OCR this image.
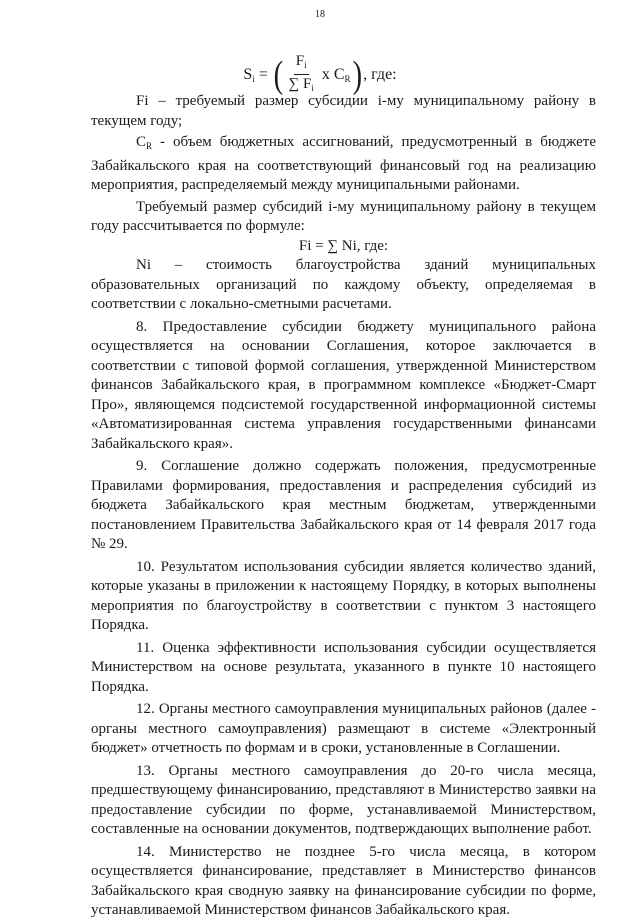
18
$S_i$ = ( $\frac{F_i}{\sum F_i}$ x $C_R$ ) , где:

Fi – требуемый размер субсидии i-му муниципальному району в текущем году;

$C_R$ - объем бюджетных ассигнований, предусмотренный в бюджете Забайкальского края на соответствующий финансовый год на реализацию мероприятия, распределяемый между муниципальными районами.

Требуемый размер субсидий i-му муниципальному району в текущем году рассчитывается по формуле:

Fi = ∑ Ni, где:

Ni – стоимость благоустройства зданий муниципальных образовательных организаций по каждому объекту, определяемая в соответствии с локально-сметными расчетами.

8. Предоставление субсидии бюджету муниципального района осуществляется на основании Соглашения, которое заключается в соответствии с типовой формой соглашения, утвержденной Министерством финансов Забайкальского края, в программном комплексе «Бюджет-Смарт Про», являющемся подсистемой государственной информационной системы «Автоматизированная система управления государственными финансами Забайкальского края».

9. Соглашение должно содержать положения, предусмотренные Правилами формирования, предоставления и распределения субсидий из бюджета Забайкальского края местным бюджетам, утвержденными постановлением Правительства Забайкальского края от 14 февраля 2017 года № 29.

10. Результатом использования субсидии является количество зданий, которые указаны в приложении к настоящему Порядку, в которых выполнены мероприятия по благоустройству в соответствии с пунктом 3 настоящего Порядка.

11. Оценка эффективности использования субсидии осуществляется Министерством на основе результата, указанного в пункте 10 настоящего Порядка.

12. Органы местного самоуправления муниципальных районов (далее - органы местного самоуправления) размещают в системе «Электронный бюджет» отчетность по формам и в сроки, установленные в Соглашении.

13. Органы местного самоуправления до 20-го числа месяца, предшествующему финансированию, представляют в Министерство заявки на предоставление субсидии по форме, устанавливаемой Министерством, составленные на основании документов, подтверждающих выполнение работ.

14. Министерство не позднее 5-го числа месяца, в котором осуществляется финансирование, представляет в Министерство финансов Забайкальского края сводную заявку на финансирование субсидии по форме, устанавливаемой Министерством финансов Забайкальского края.
